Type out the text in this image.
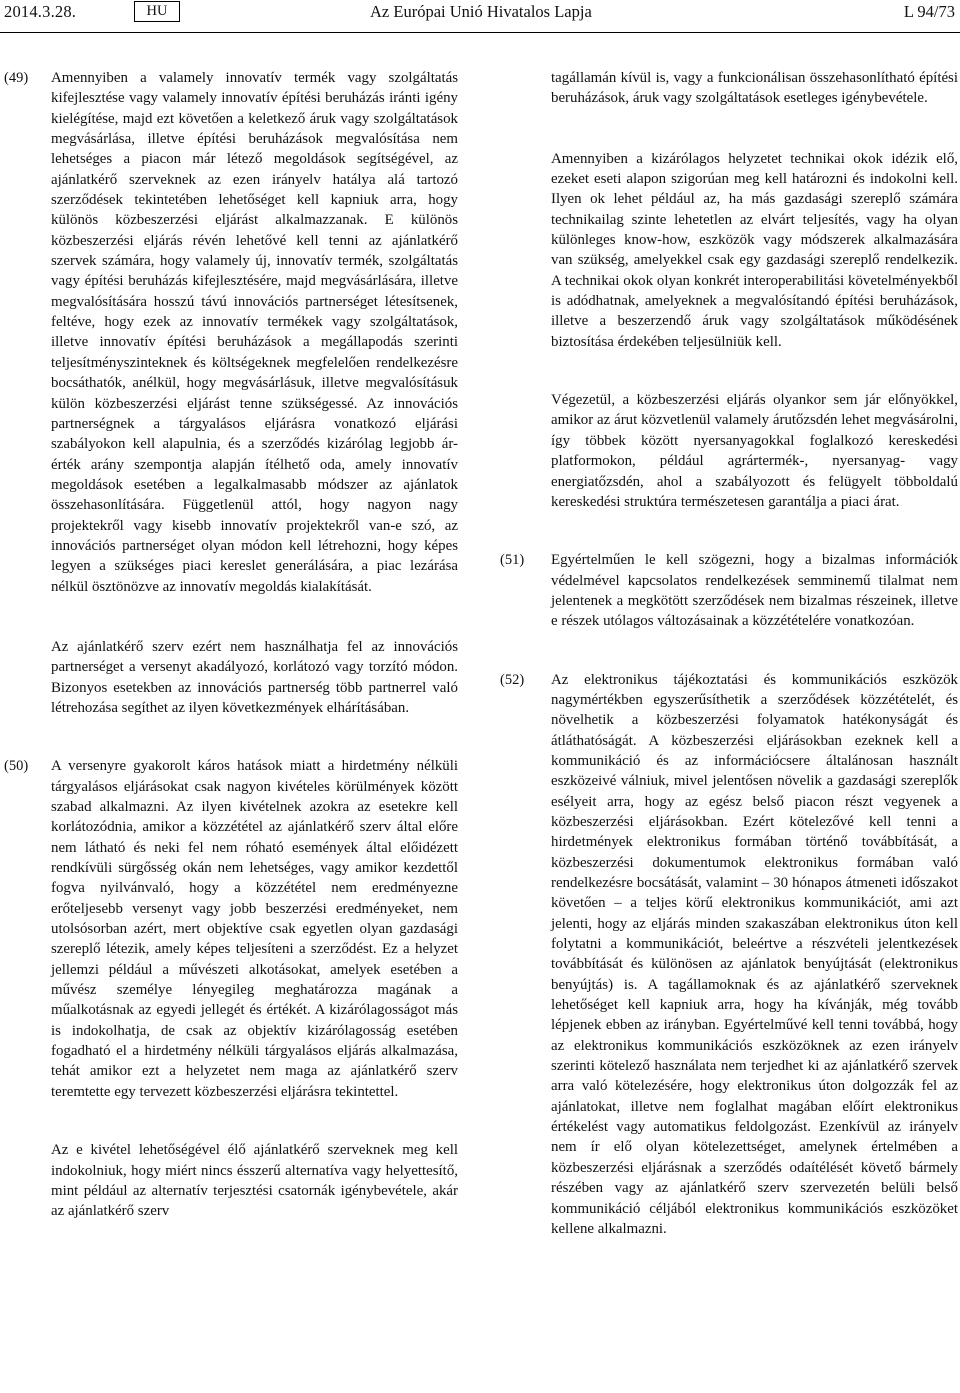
2014.3.28.	HU	Az Európai Unió Hivatalos Lapja	L 94/73
(49) Amennyiben a valamely innovatív termék vagy szolgáltatás kifejlesztése vagy valamely innovatív építési beruházás iránti igény kielégítése, majd ezt követően a keletkező áruk vagy szolgáltatások megvásárlása, illetve építési beruházások megvalósítása nem lehetséges a piacon már létező megoldások segítségével, az ajánlatkérő szerveknek az ezen irányelv hatálya alá tartozó szerződések tekintetében lehetőséget kell kapniuk arra, hogy különös közbeszerzési eljárást alkalmazzanak. E különös közbeszerzési eljárás révén lehetővé kell tenni az ajánlatkérő szervek számára, hogy valamely új, innovatív termék, szolgáltatás vagy építési beruházás kifejlesztésére, majd megvásárlására, illetve megvalósítására hosszú távú innovációs partnerséget létesítsenek, feltéve, hogy ezek az innovatív termékek vagy szolgáltatások, illetve innovatív építési beruházások a megállapodás szerinti teljesítményszinteknek és költségeknek megfelelően rendelkezésre bocsáthatók, anélkül, hogy megvásárlásuk, illetve megvalósításuk külön közbeszerzési eljárást tenne szükségessé. Az innovációs partnerségnek a tárgyalásos eljárásra vonatkozó eljárási szabályokon kell alapulnia, és a szerződés kizárólag legjobb ár-érték arány szempontja alapján ítélhető oda, amely innovatív megoldások esetében a legalkalmasabb módszer az ajánlatok összehasonlítására. Függetlenül attól, hogy nagyon nagy projektekről vagy kisebb innovatív projektekről van-e szó, az innovációs partnerséget olyan módon kell létrehozni, hogy képes legyen a szükséges piaci kereslet generálására, a piac lezárása nélkül ösztönözve az innovatív megoldás kialakítását.

Az ajánlatkérő szerv ezért nem használhatja fel az innovációs partnerséget a versenyt akadályozó, korlátozó vagy torzító módon. Bizonyos esetekben az innovációs partnerség több partnerrel való létrehozása segíthet az ilyen következmények elhárításában.

(50) A versenyre gyakorolt káros hatások miatt a hirdetmény nélküli tárgyalásos eljárásokat csak nagyon kivételes körülmények között szabad alkalmazni. Az ilyen kivételnek azokra az esetekre kell korlátozódnia, amikor a közzététel az ajánlatkérő szerv által előre nem látható és neki fel nem róható események által előidézett rendkívüli sürgősség okán nem lehetséges, vagy amikor kezdettől fogva nyilvánvaló, hogy a közzététel nem eredményezne erőteljesebb versenyt vagy jobb beszerzési eredményeket, nem utolsósorban azért, mert objektíve csak egyetlen olyan gazdasági szereplő létezik, amely képes teljesíteni a szerződést. Ez a helyzet jellemzi például a művészeti alkotásokat, amelyek esetében a művész személye lényegileg meghatározza magának a műalkotásnak az egyedi jellegét és értékét. A kizárólagosságot más is indokolhatja, de csak az objektív kizárólagosság esetében fogadható el a hirdetmény nélküli tárgyalásos eljárás alkalmazása, tehát amikor ezt a helyzetet nem maga az ajánlatkérő szerv teremtette egy tervezett közbeszerzési eljárásra tekintettel.

Az e kivétel lehetőségével élő ajánlatkérő szerveknek meg kell indokolniuk, hogy miért nincs ésszerű alternatíva vagy helyettesítő, mint például az alternatív terjesztési csatornák igénybevétele, akár az ajánlatkérő szerv

tagállamán kívül is, vagy a funkcionálisan összehasonlítható építési beruházások, áruk vagy szolgáltatások esetleges igénybevétele.

Amennyiben a kizárólagos helyzetet technikai okok idézik elő, ezeket eseti alapon szigorúan meg kell határozni és indokolni kell. Ilyen ok lehet például az, ha más gazdasági szereplő számára technikailag szinte lehetetlen az elvárt teljesítés, vagy ha olyan különleges know-how, eszközök vagy módszerek alkalmazására van szükség, amelyekkel csak egy gazdasági szereplő rendelkezik. A technikai okok olyan konkrét interoperabilitási követelményekből is adódhatnak, amelyeknek a megvalósítandó építési beruházások, illetve a beszerzendő áruk vagy szolgáltatások működésének biztosítása érdekében teljesülniük kell.

Végezetül, a közbeszerzési eljárás olyankor sem jár előnyökkel, amikor az árut közvetlenül valamely árutőzsdén lehet megvásárolni, így többek között nyersanyagokkal foglalkozó kereskedési platformokon, például agrártermék-, nyersanyag- vagy energiatőzsdén, ahol a szabályozott és felügyelt többoldalú kereskedési struktúra természetesen garantálja a piaci árat.

(51) Egyértelműen le kell szögezni, hogy a bizalmas információk védelmével kapcsolatos rendelkezések semminemű tilalmat nem jelentenek a megkötött szerződések nem bizalmas részeinek, illetve e részek utólagos változásainak a közzétételére vonatkozóan.

(52) Az elektronikus tájékoztatási és kommunikációs eszközök nagymértékben egyszerűsíthetik a szerződések közzétételét, és növelhetik a közbeszerzési folyamatok hatékonyságát és átláthatóságát. A közbeszerzési eljárásokban ezeknek kell a kommunikáció és az információcsere általánosan használt eszközeivé válniuk, mivel jelentősen növelik a gazdasági szereplők esélyeit arra, hogy az egész belső piacon részt vegyenek a közbeszerzési eljárásokban. Ezért kötelezővé kell tenni a hirdetmények elektronikus formában történő továbbítását, a közbeszerzési dokumentumok elektronikus formában való rendelkezésre bocsátását, valamint – 30 hónapos átmeneti időszakot követően – a teljes körű elektronikus kommunikációt, ami azt jelenti, hogy az eljárás minden szakaszában elektronikus úton kell folytatni a kommunikációt, beleértve a részvételi jelentkezések továbbítását és különösen az ajánlatok benyújtását (elektronikus benyújtás) is. A tagállamoknak és az ajánlatkérő szerveknek lehetőséget kell kapniuk arra, hogy ha kívánják, még tovább lépjenek ebben az irányban. Egyértelművé kell tenni továbbá, hogy az elektronikus kommunikációs eszközöknek az ezen irányelv szerinti kötelező használata nem terjedhet ki az ajánlatkérő szervek arra való kötelezésére, hogy elektronikus úton dolgozzák fel az ajánlatokat, illetve nem foglalhat magában előírt elektronikus értékelést vagy automatikus feldolgozást. Ezenkívül az irányelv nem ír elő olyan kötelezettséget, amelynek értelmében a közbeszerzési eljárásnak a szerződés odaítélését követő bármely részében vagy az ajánlatkérő szerv szervezetén belüli belső kommunikáció céljából elektronikus kommunikációs eszközöket kellene alkalmazni.
